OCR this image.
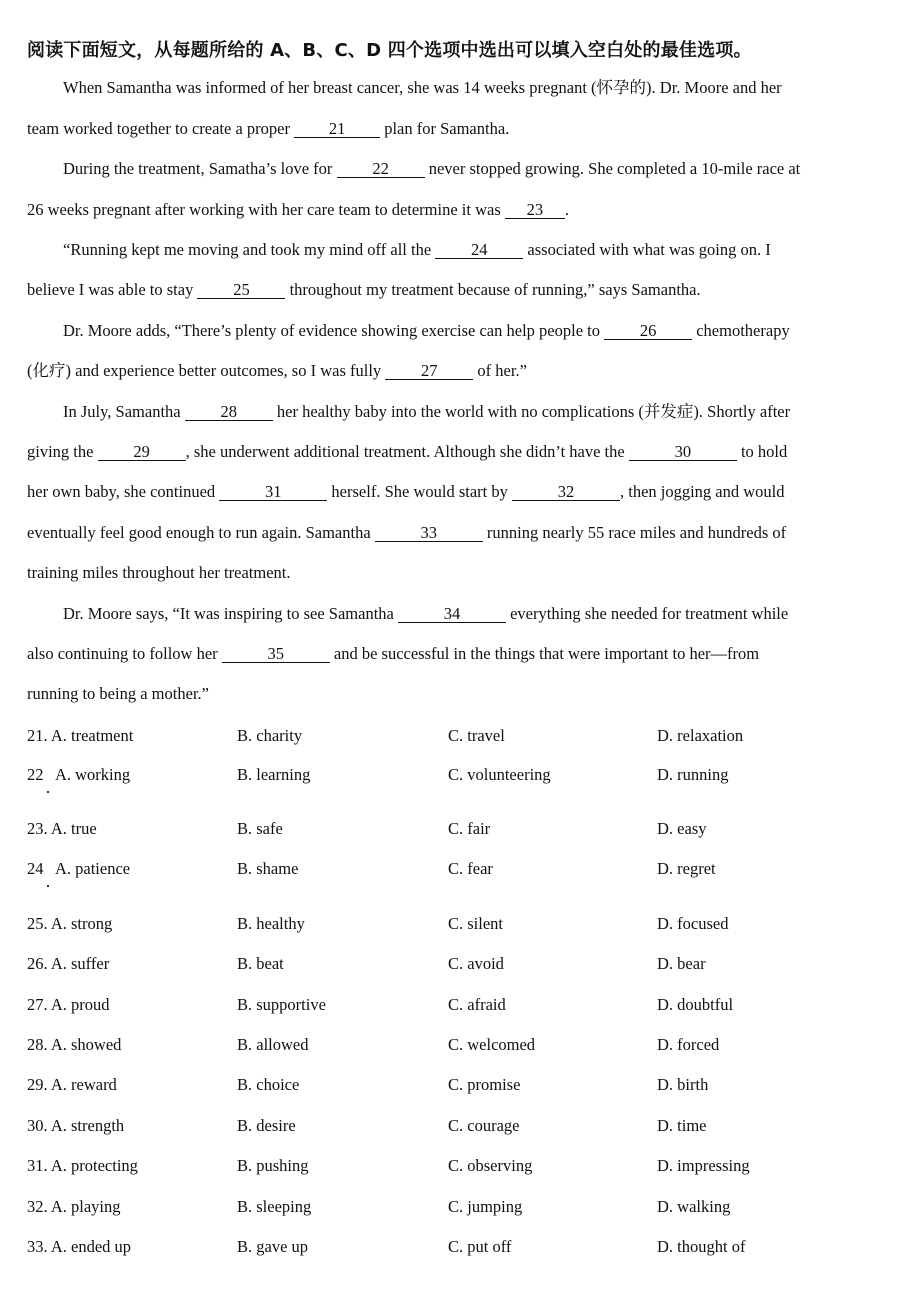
阅读下面短文，从每题所给的 A、B、C、D 四个选项中选出可以填入空白处的最佳选项。
When Samantha was informed of her breast cancer, she was 14 weeks pregnant (怀孕的). Dr. Moore and her
team worked together to create a proper 21 plan for Samantha.
During the treatment, Samatha’s love for 22 never stopped growing. She completed a 10-mile race at
26 weeks pregnant after working with her care team to determine it was 23 .
“Running kept me moving and took my mind off all the 24 associated with what was going on. I
believe I was able to stay 25 throughout my treatment because of running,” says Samantha.
Dr. Moore adds, “There’s plenty of evidence showing exercise can help people to 26 chemotherapy
(化疗) and experience better outcomes, so I was fully 27 of her.”
In July, Samantha 28 her healthy baby into the world with no complications (并发症). Shortly after
giving the 29 , she underwent additional treatment. Although she didn’t have the	30	to hold
her own baby, she continued	31	herself. She would start by	32	, then jogging and would
eventually feel good enough to run again. Samantha	33	running nearly 55 race miles and hundreds of
training miles throughout her treatment.
Dr. Moore says, “It was inspiring to see Samantha	34	everything she needed for treatment while
also continuing to follow her	35	and be successful in the things that were important to her—from
running to being a mother.”
21. A. treatment	B. charity	C. travel	D. relaxation
22   A. working	B. learning	C. volunteering	D. running
23. A. true	B. safe	C. fair	D. easy
24   A. patience	B. shame	C. fear	D. regret
25. A. strong	B. healthy	C. silent	D. focused
26. A. suffer	B. beat	C. avoid	D. bear
27. A. proud	B. supportive	C. afraid	D. doubtful
28. A. showed	B. allowed	C. welcomed	D. forced
29. A. reward	B. choice	C. promise	D. birth
30. A. strength	B. desire	C. courage	D. time
31. A. protecting	B. pushing	C. observing	D. impressing
32. A. playing	B. sleeping	C. jumping	D. walking
33. A. ended up	B. gave up	C. put off	D. thought of
